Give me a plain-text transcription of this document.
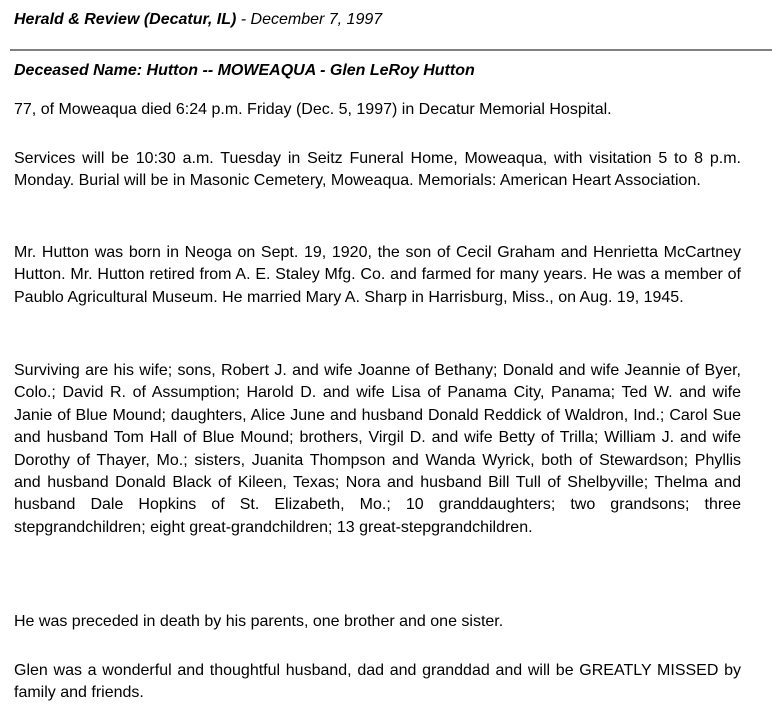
Herald & Review (Decatur, IL) - December 7, 1997
Deceased Name: Hutton -- MOWEAQUA - Glen LeRoy Hutton

77, of Moweaqua died 6:24 p.m. Friday (Dec. 5, 1997) in Decatur Memorial Hospital.

Services will be 10:30 a.m. Tuesday in Seitz Funeral Home, Moweaqua, with visitation 5 to 8 p.m. Monday. Burial will be in Masonic Cemetery, Moweaqua. Memorials: American Heart Association.

Mr. Hutton was born in Neoga on Sept. 19, 1920, the son of Cecil Graham and Henrietta McCartney Hutton. Mr. Hutton retired from A. E. Staley Mfg. Co. and farmed for many years. He was a member of Paublo Agricultural Museum. He married Mary A. Sharp in Harrisburg, Miss., on Aug. 19, 1945.

Surviving are his wife; sons, Robert J. and wife Joanne of Bethany; Donald and wife Jeannie of Byer, Colo.; David R. of Assumption; Harold D. and wife Lisa of Panama City, Panama; Ted W. and wife Janie of Blue Mound; daughters, Alice June and husband Donald Reddick of Waldron, Ind.; Carol Sue and husband Tom Hall of Blue Mound; brothers, Virgil D. and wife Betty of Trilla; William J. and wife Dorothy of Thayer, Mo.; sisters, Juanita Thompson and Wanda Wyrick, both of Stewardson; Phyllis and husband Donald Black of Kileen, Texas; Nora and husband Bill Tull of Shelbyville; Thelma and husband Dale Hopkins of St. Elizabeth, Mo.; 10 granddaughters; two grandsons; three stepgrandchildren; eight great-grandchildren; 13 great-stepgrandchildren.

He was preceded in death by his parents, one brother and one sister.

Glen was a wonderful and thoughtful husband, dad and granddad and will be GREATLY MISSED by family and friends.
